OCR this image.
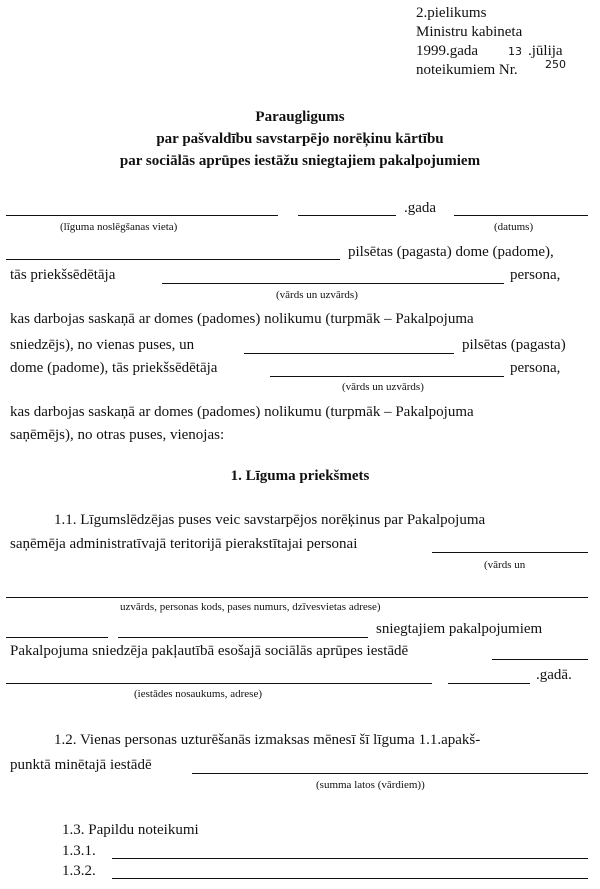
2.pielikums
Ministru kabineta
1999.gada	13 .jūlija
noteikumiem Nr. 250
Paraugligums
par pašvaldību savstarpējo norēķinu kārtību
par sociālās aprūpes iestāžu sniegtajiem pakalpojumiem
.gada
(līguma noslēgšanas vieta)	(datums)
pilsētas (pagasta) dome (padome),
tās priekšsēdētāja	persona,
(vārds un uzvārds)
kas darbojas saskaņā ar domes (padomes) nolikumu (turpmāk – Pakalpojuma
sniedzējs), no vienas puses, un	pilsētas (pagasta)
dome (padome), tās priekšsēdētāja	persona,
(vārds un uzvārds)
kas darbojas saskaņā ar domes (padomes) nolikumu (turpmāk – Pakalpojuma
saņēmējs), no otras puses, vienojas:
1. Līguma priekšmets
1.1. Līgumslēdzējas puses veic savstarpējos norēķinus par Pakalpojuma
saņēmēja administratīvajā teritorijā pierakstītajai personai
(vārds un
uzvārds, personas kods, pases numurs, dzīvesvietas adrese)
sniegtajiem pakalpojumiem
Pakalpojuma sniedzēja pakļautībā esošajā sociālās aprūpes iestādē
.gadā.
(iestādes nosaukums, adrese)
1.2. Vienas personas uzturēšanās izmaksas mēnesī šī līguma 1.1.apakš-
punktā minētajā iestādē
(summa latos (vārdiem))
1.3. Papildu noteikumi
1.3.1.
1.3.2.
